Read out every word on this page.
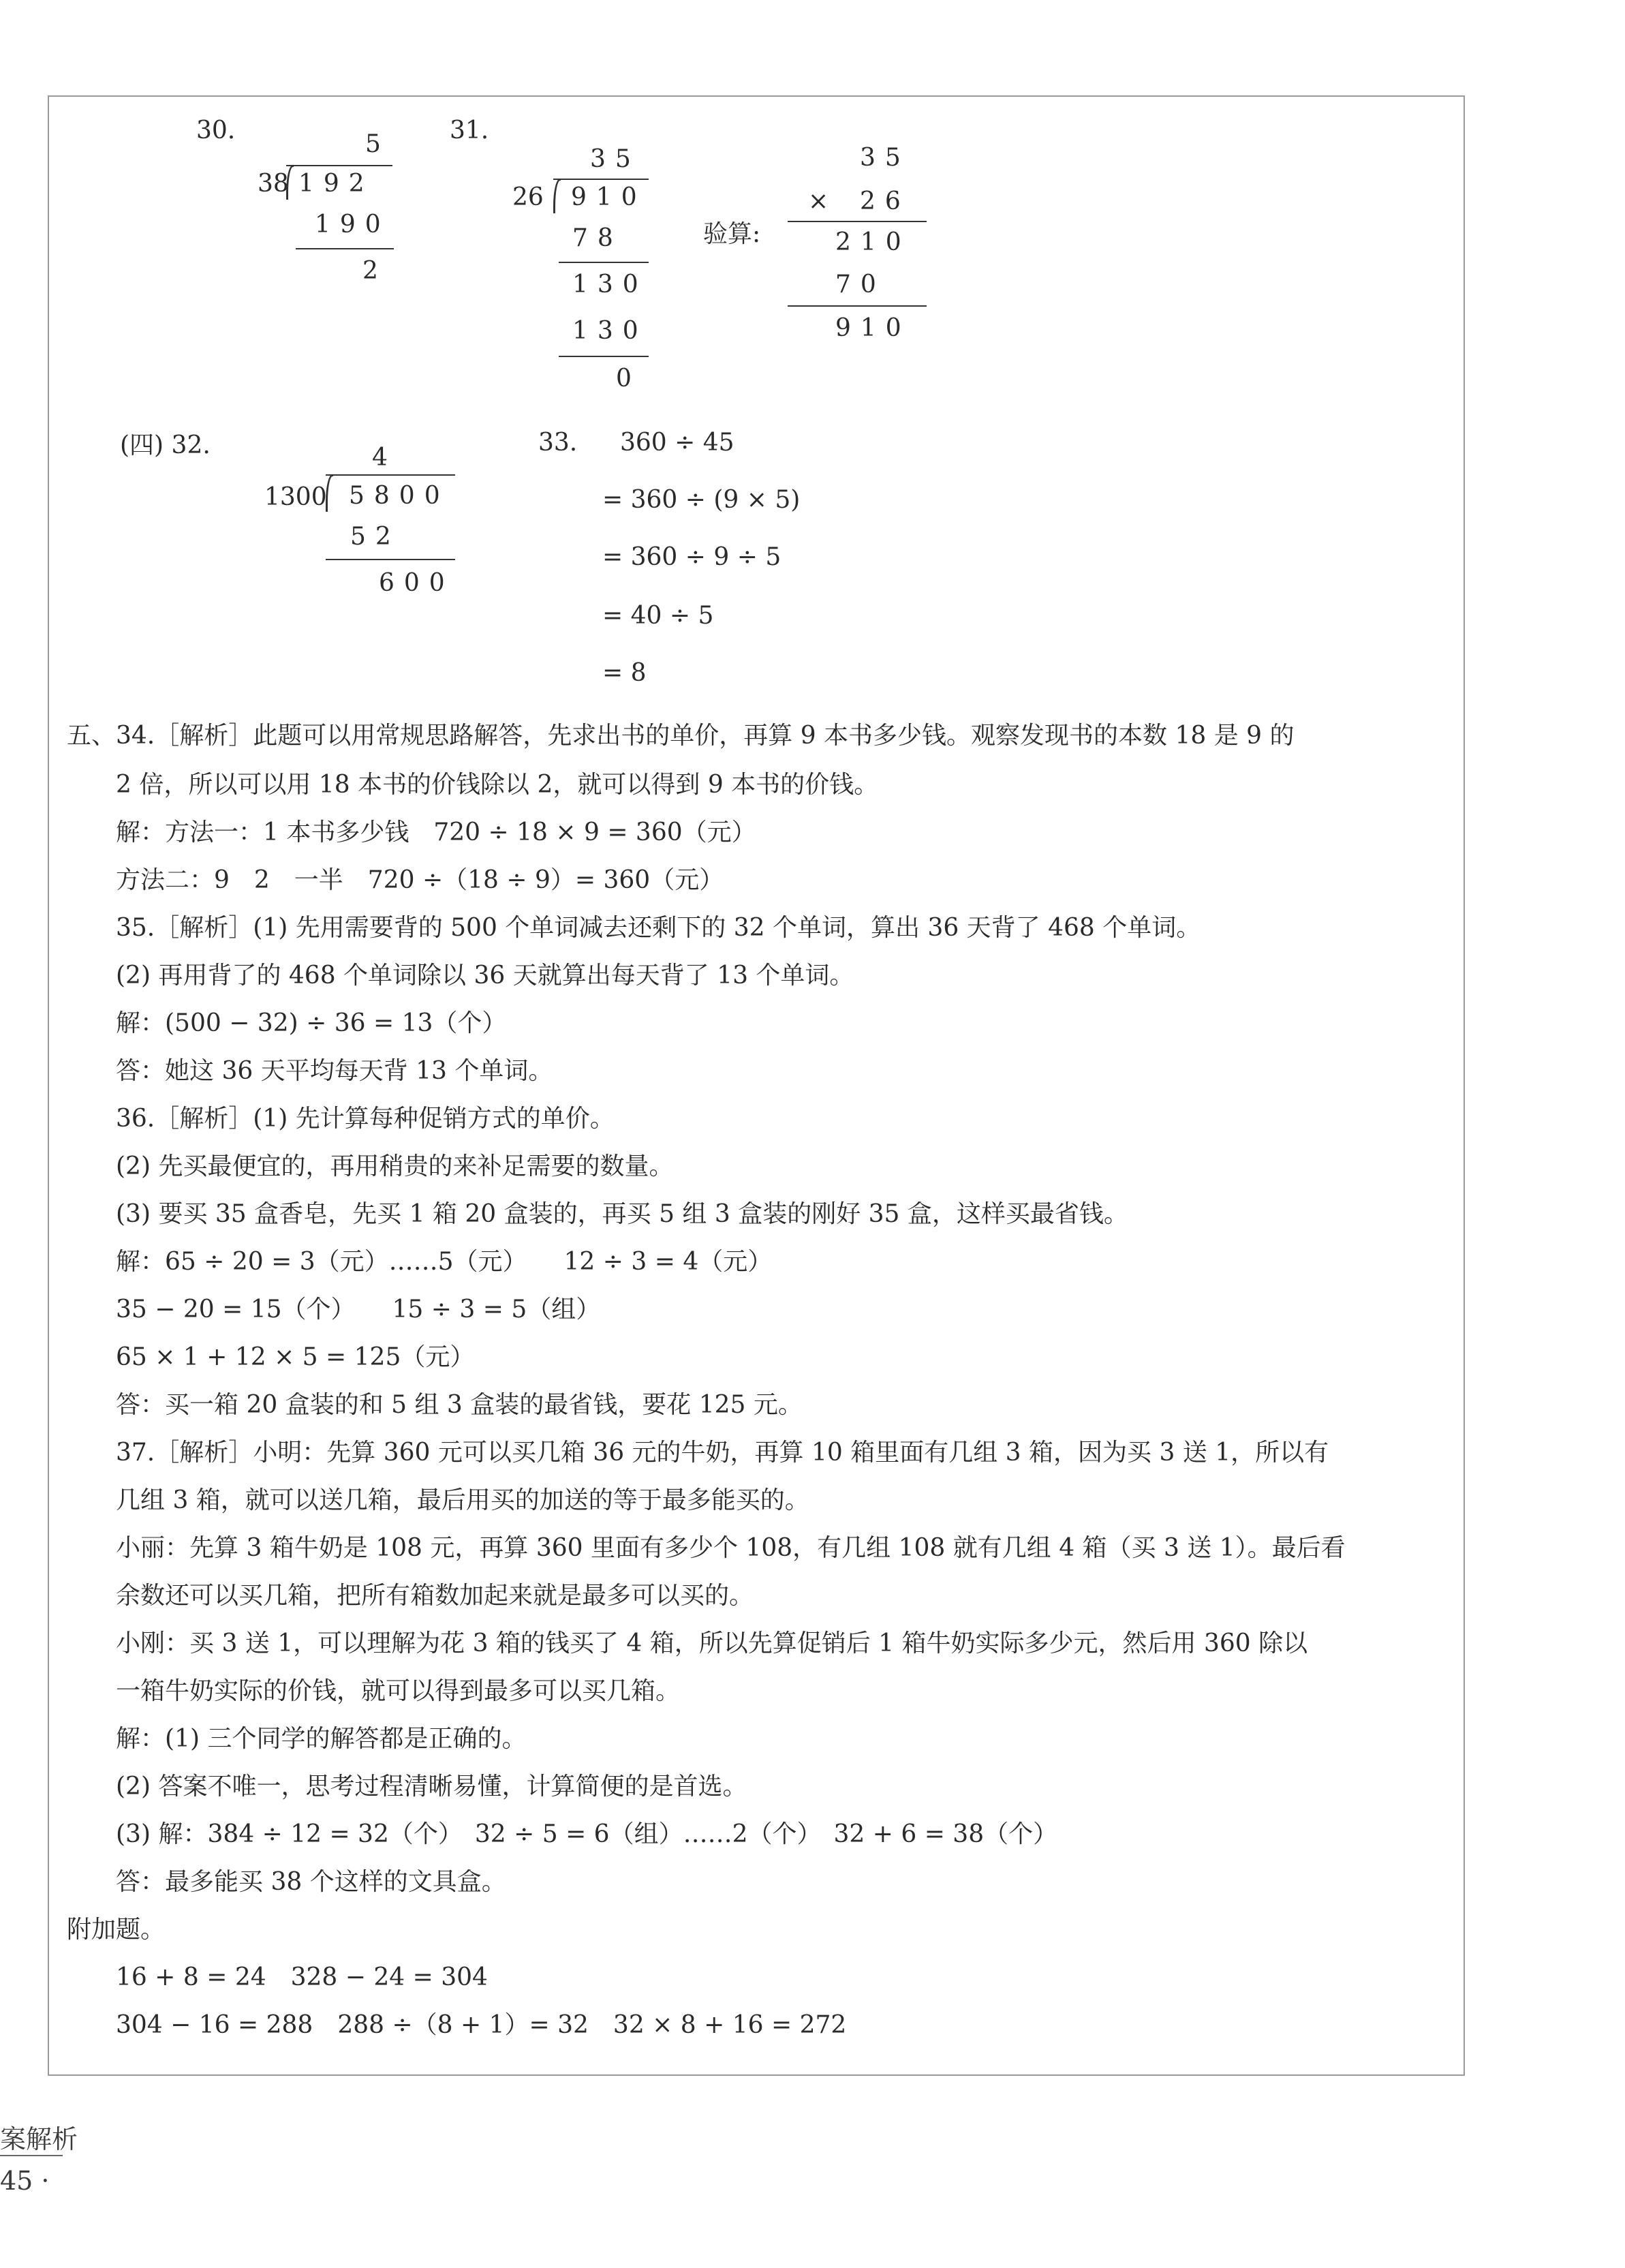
30.	5
38 192
190
2
31.
35
26 910
78
130
130
0
验算:
35
× 26
210
70
910
(四) 32.	4
1300 5800
52
600
33. 360 ÷ 45
= 360 ÷ (9 × 5)
= 360 ÷ 9 ÷ 5
= 40 ÷ 5
= 8
五、34.［解析］此题可以用常规思路解答，先求出书的单价，再算 9 本书多少钱。观察发现书的本数 18 是 9 的
2 倍，所以可以用 18 本书的价钱除以 2，就可以得到 9 本书的价钱。
解：方法一：1 本书多少钱　720 ÷ 18 × 9 = 360（元）
方法二：9　2　一半　720 ÷（18 ÷ 9）= 360（元）
35.［解析］(1) 先用需要背的 500 个单词减去还剩下的 32 个单词，算出 36 天背了 468 个单词。
(2) 再用背了的 468 个单词除以 36 天就算出每天背了 13 个单词。
解：(500 − 32) ÷ 36 = 13（个）
答：她这 36 天平均每天背 13 个单词。
36.［解析］(1) 先计算每种促销方式的单价。
(2) 先买最便宜的，再用稍贵的来补足需要的数量。
(3) 要买 35 盒香皂，先买 1 箱 20 盒装的，再买 5 组 3 盒装的刚好 35 盒，这样买最省钱。
解：65 ÷ 20 = 3（元）……5（元）　　12 ÷ 3 = 4（元）
35 − 20 = 15（个）　　15 ÷ 3 = 5（组）
65 × 1 + 12 × 5 = 125（元）
答：买一箱 20 盒装的和 5 组 3 盒装的最省钱，要花 125 元。
37.［解析］小明：先算 360 元可以买几箱 36 元的牛奶，再算 10 箱里面有几组 3 箱，因为买 3 送 1，所以有
几组 3 箱，就可以送几箱，最后用买的加送的等于最多能买的。
小丽：先算 3 箱牛奶是 108 元，再算 360 里面有多少个 108，有几组 108 就有几组 4 箱（买 3 送 1）。最后看
余数还可以买几箱，把所有箱数加起来就是最多可以买的。
小刚：买 3 送 1，可以理解为花 3 箱的钱买了 4 箱，所以先算促销后 1 箱牛奶实际多少元，然后用 360 除以
一箱牛奶实际的价钱，就可以得到最多可以买几箱。
解：(1) 三个同学的解答都是正确的。
(2) 答案不唯一，思考过程清晰易懂，计算简便的是首选。
(3) 解：384 ÷ 12 = 32（个）　32 ÷ 5 = 6（组）……2（个）　32 + 6 = 38（个）
答：最多能买 38 个这样的文具盒。
附加题。
16 + 8 = 24　328 − 24 = 304
304 − 16 = 288　288 ÷（8 + 1）= 32　32 × 8 + 16 = 272
案解析
45 ·
